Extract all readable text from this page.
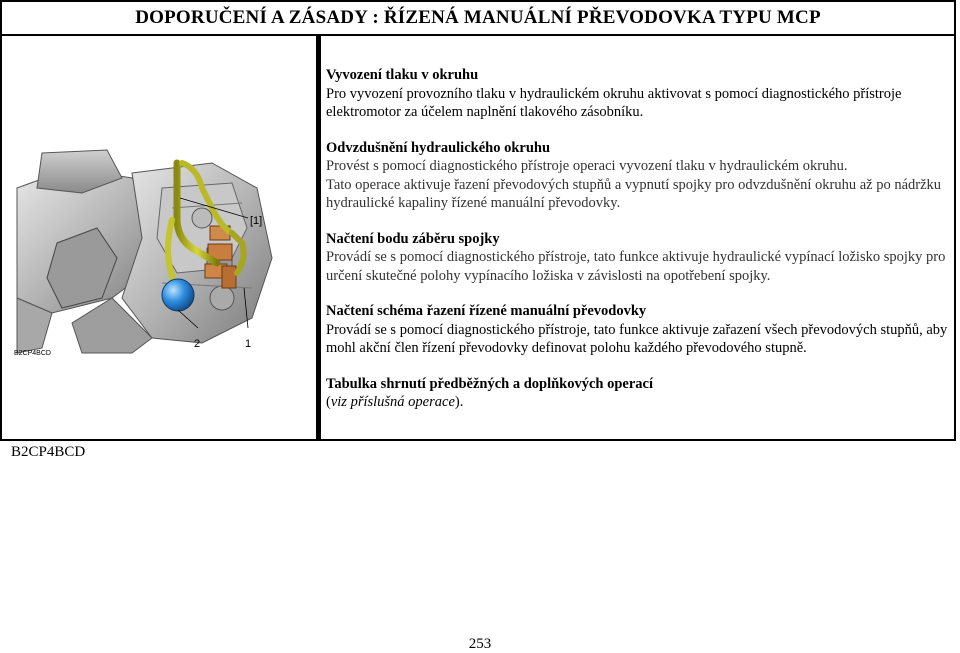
DOPORUČENÍ A ZÁSADY : ŘÍZENÁ MANUÁLNÍ PŘEVODOVKA TYPU MCP
[1]
1
2
B2CP4BCD
Vyvození tlaku v okruhu

Pro vyvození provozního tlaku v hydraulickém okruhu aktivovat s pomocí diagnostického přístroje elektromotor za účelem naplnění tlakového zásobníku.

Odvzdušnění hydraulického okruhu

Provést s pomocí diagnostického přístroje operaci vyvození tlaku v hydraulickém okruhu.

Tato operace aktivuje řazení převodových stupňů a vypnutí spojky pro odvzdušnění okruhu až po nádržku hydraulické kapaliny řízené manuální převodovky.

Načtení bodu záběru spojky

Provádí se s pomocí diagnostického přístroje, tato funkce aktivuje hydraulické vypínací ložisko spojky pro určení skutečné polohy vypínacího ložiska v závislosti na opotřebení spojky.

Načtení schéma řazení řízené manuální převodovky

Provádí se s pomocí diagnostického přístroje, tato funkce aktivuje zařazení všech převodových stupňů, aby mohl akční člen řízení převodovky definovat polohu každého převodového stupně.

Tabulka shrnutí předběžných a doplňkových operací

(viz příslušná operace).

B2CP4BCD
253
